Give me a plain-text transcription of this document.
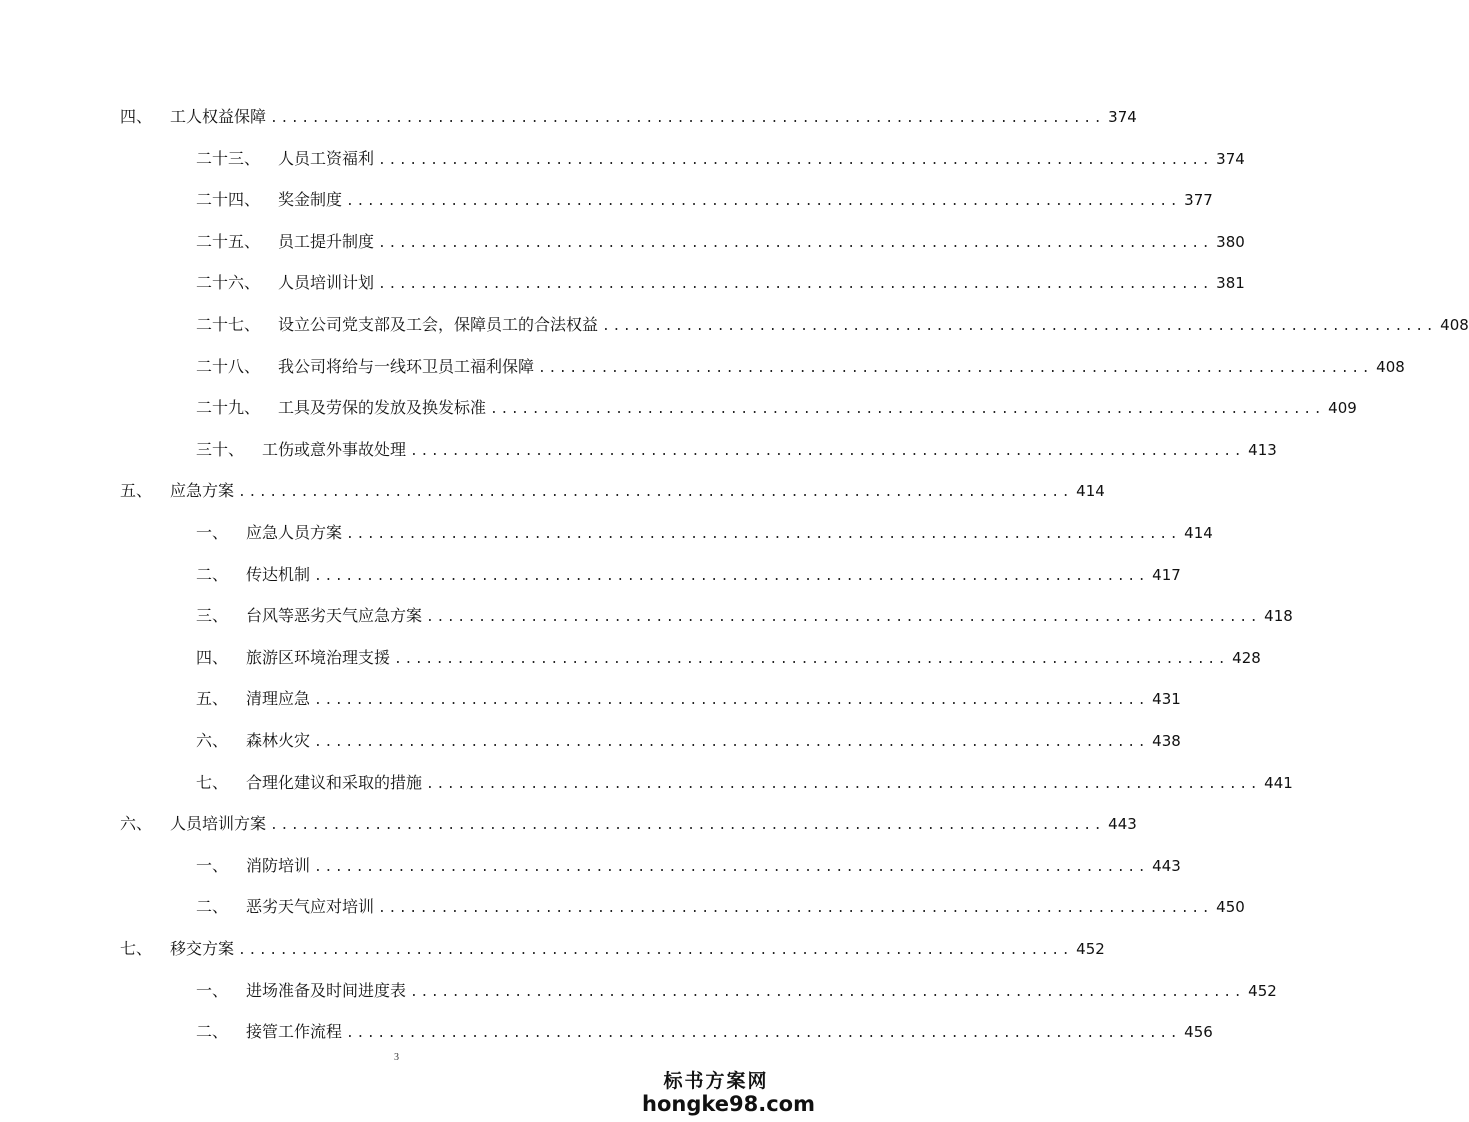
四、 工人权益保障 ................................................................................ 374
二十三、 人员工资福利 ................................................................................ 374
二十四、 奖金制度 ................................................................................ 377
二十五、 员工提升制度 ................................................................................ 380
二十六、 人员培训计划 ................................................................................ 381
二十七、 设立公司党支部及工会，保障员工的合法权益 ................................................................................ 408
二十八、 我公司将给与一线环卫员工福利保障 ................................................................................ 408
二十九、 工具及劳保的发放及换发标准 ................................................................................ 409
三十、 工伤或意外事故处理 ................................................................................ 413
五、 应急方案 ................................................................................ 414
一、 应急人员方案 ................................................................................ 414
二、 传达机制 ................................................................................ 417
三、 台风等恶劣天气应急方案 ................................................................................ 418
四、 旅游区环境治理支援 ................................................................................ 428
五、 清理应急 ................................................................................ 431
六、 森林火灾 ................................................................................ 438
七、 合理化建议和采取的措施 ................................................................................ 441
六、 人员培训方案 ................................................................................ 443
一、 消防培训 ................................................................................ 443
二、 恶劣天气应对培训 ................................................................................ 450
七、 移交方案 ................................................................................ 452
一、 进场准备及时间进度表 ................................................................................ 452
二、 接管工作流程 ................................................................................ 456
3
标书方案网
hongke98.com
